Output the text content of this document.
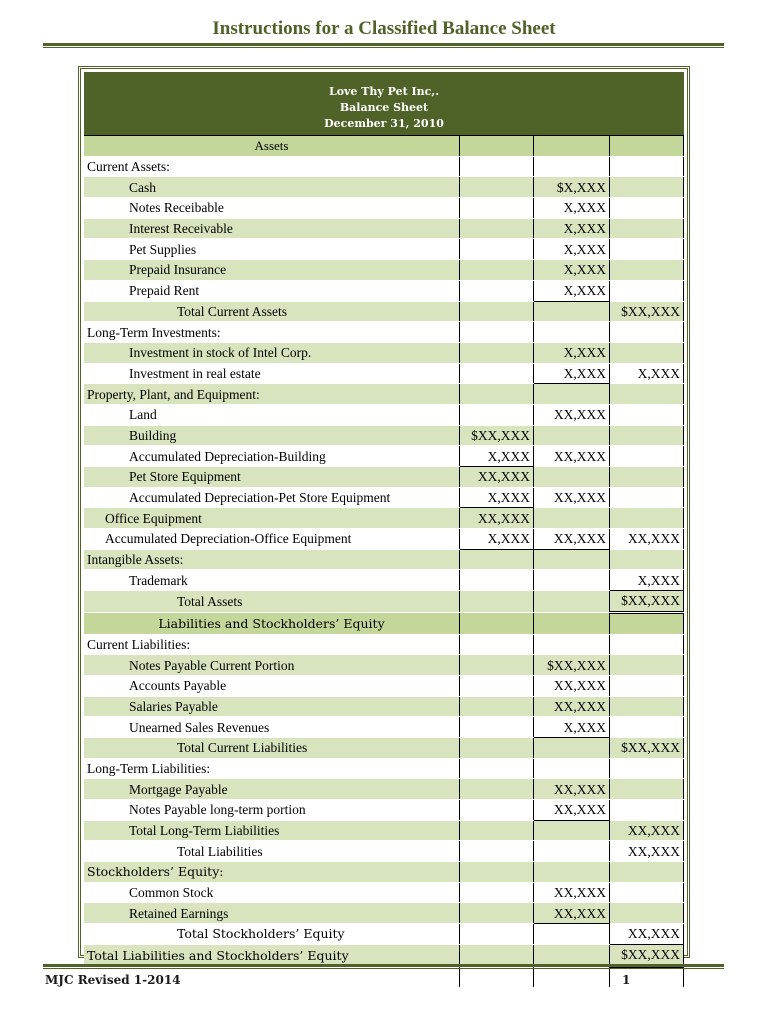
Instructions for a Classified Balance Sheet
Love Thy Pet Inc,.
Balance Sheet
December 31, 2010
Assets			
Current Assets:			
Cash		$X,XXX	
Notes Receibable		X,XXX	
Interest Receivable		X,XXX	
Pet Supplies		X,XXX	
Prepaid Insurance		X,XXX	
Prepaid Rent		X,XXX	
Total Current Assets			$XX,XXX
Long-Term Investments:			
Investment in stock of Intel Corp.		X,XXX	
Investment in real estate		X,XXX	X,XXX
Property, Plant, and Equipment:			
Land		XX,XXX	
Building	$XX,XXX		
Accumulated Depreciation-Building	X,XXX	XX,XXX	
Pet Store Equipment	XX,XXX		
Accumulated Depreciation-Pet Store Equipment	X,XXX	XX,XXX	
Office Equipment	XX,XXX		
Accumulated Depreciation-Office Equipment	X,XXX	XX,XXX	XX,XXX
Intangible Assets:			
Trademark			X,XXX
Total Assets			$XX,XXX
Liabilities and Stockholders’ Equity			
Current Liabilities:			
Notes Payable Current Portion		$XX,XXX	
Accounts Payable		XX,XXX	
Salaries Payable		XX,XXX	
Unearned Sales Revenues		X,XXX	
Total Current Liabilities			$XX,XXX
Long-Term Liabilities:			
Mortgage Payable		XX,XXX	
Notes Payable long-term portion		XX,XXX	
Total Long-Term Liabilities			XX,XXX
Total Liabilities			XX,XXX
Stockholders’ Equity:			
Common Stock		XX,XXX	
Retained Earnings		XX,XXX	
Total Stockholders’ Equity			XX,XXX
Total Liabilities and Stockholders’ Equity			$XX,XXX

MJC Revised 1-2014	1
